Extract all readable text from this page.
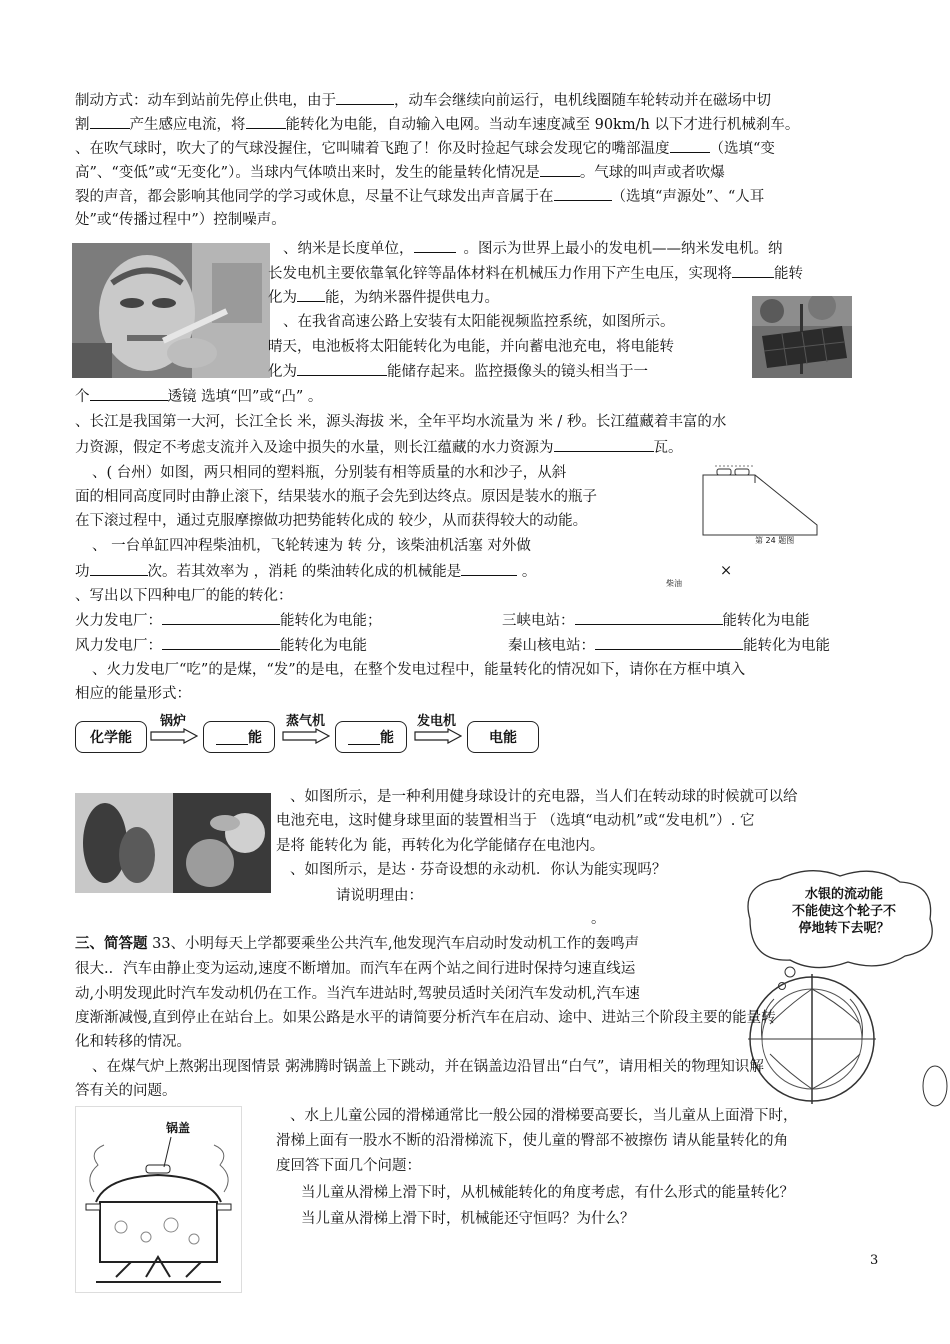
制动方式：动车到站前先停止供电，由于	，动车会继续向前运行，电机线圈随车轮转动并在磁场中切
割	产生感应电流，将	能转化为电能，自动输入电网。当动车速度减至 90km/h 以下才进行机械刹车。
、在吹气球时，吹大了的气球没握住，它叫啸着飞跑了！你及时捡起气球会发现它的嘴部温度	（选填“变
高”、“变低”或“无变化”）。当球内气体喷出来时，发生的能量转化情况是	。气球的叫声或者吹爆
裂的声音，都会影响其他同学的学习或休息，尽量不让气球发出声音属于在	（选填“声源处”、“人耳
处”或“传播过程中”）控制噪声。
、纳米是长度单位，	。图示为世界上最小的发电机——纳米发电机。纳
长发电机主要依靠氧化锌等晶体材料在机械压力作用下产生电压，实现将	能转
化为 能，为纳米器件提供电力。
、在我省高速公路上安装有太阳能视频监控系统，如图所示。
晴天，电池板将太阳能转化为电能，并向蓄电池充电，将电能转
化为	能储存起来。监控摄像头的镜头相当于一
个	透镜 选填“凹”或“凸” 。
、长江是我国第一大河，长江全长 米，源头海拔 米，全年平均水流量为 米 / 秒。长江蕴藏着丰富的水
力资源，假定不考虑支流并入及途中损失的水量，则长江蕴藏的水力资源为	瓦。
第 24 题图
、( 台州）如图，两只相同的塑料瓶，分别装有相等质量的水和沙子，从斜
面的相同高度同时由静止滚下，结果装水的瓶子会先到达终点。原因是装水的瓶子
在下滚过程中，通过克服摩擦做功把势能转化成的 较少，从而获得较大的动能。
、 一台单缸四冲程柴油机，飞轮转速为 转 分，该柴油机活塞 对外做
功	次。若其效率为 ，消耗 的柴油转化成的机械能是	。	×
柴油
、写出以下四种电厂的能的转化：
火力发电厂：	能转化为电能；	三峡电站：	能转化为电能
风力发电厂：	能转化为电能	秦山核电站：	能转化为电能
、火力发电厂“吃”的是煤，“发”的是电，在整个发电过程中，能量转化的情况如下，请你在方框中填入
相应的能量形式：
化学能
锅炉
能
蒸气机
能
发电机
电能
、如图所示，是一种利用健身球设计的充电器，当人们在转动球的时候就可以给
电池充电，这时健身球里面的装置相当于 （选填“电动机”或“发电机”）. 它
是将 能转化为 能，再转化为化学能储存在电池内。
、如图所示，是达 · 芬奇设想的永动机．你认为能实现吗？
请说明理由：
。
水银的流动能
不能使这个轮子不
停地转下去呢？
三、简答题 33、小明每天上学都要乘坐公共汽车,他发现汽车启动时发动机工作的轰鸣声
很大.．汽车由静止变为运动,速度不断增加。而汽车在两个站之间行进时保持匀速直线运
动,小明发现此时汽车发动机仍在工作。当汽车进站时,驾驶员适时关闭汽车发动机,汽车速
度渐渐减慢,直到停止在站台上。如果公路是水平的请简要分析汽车在启动、途中、进站三个阶段主要的能量转
化和转移的情况。
、在煤气炉上熬粥出现图情景 粥沸腾时锅盖上下跳动，并在锅盖边沿冒出“白气”，请用相关的物理知识解
答有关的问题。
锅盖
、水上儿童公园的滑梯通常比一般公园的滑梯要高要长，当儿童从上面滑下时，
滑梯上面有一股水不断的沿滑梯流下，使儿童的臀部不被擦伤 请从能量转化的角
度回答下面几个问题：
当儿童从滑梯上滑下时，从机械能转化的角度考虑，有什么形式的能量转化？
当儿童从滑梯上滑下时，机械能还守恒吗？为什么？
3
